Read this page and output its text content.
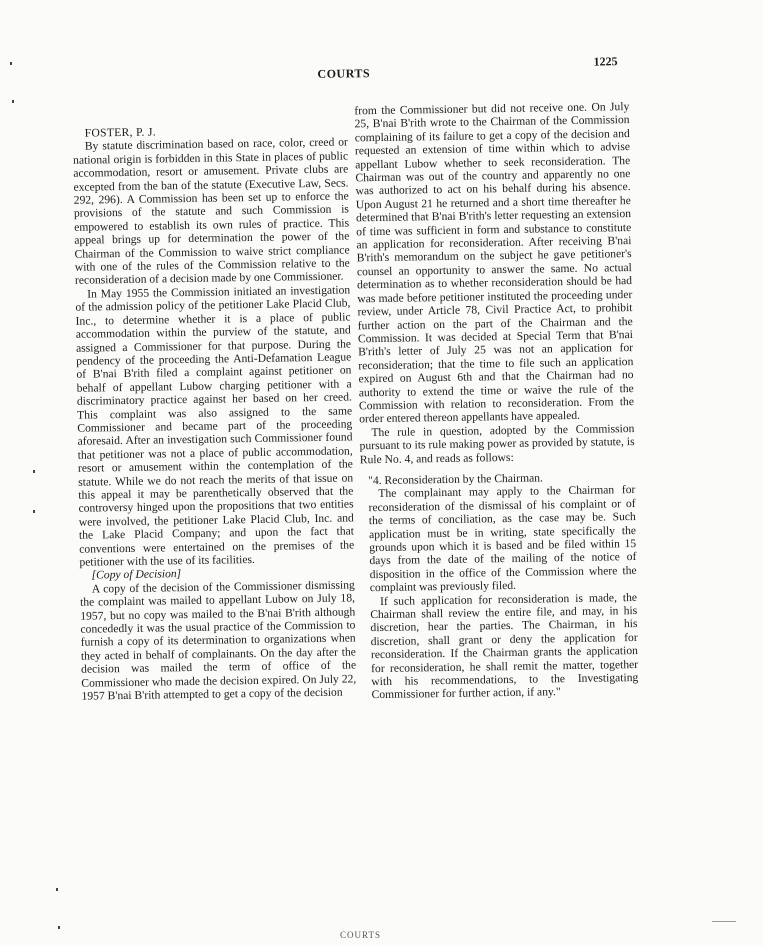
COURTS
1225

FOSTER, P. J.

By statute discrimination based on race, color, creed or national origin is forbidden in this State in places of public accommodation, resort or amusement. Private clubs are excepted from the ban of the statute (Executive Law, Secs. 292, 296). A Commission has been set up to enforce the provisions of the statute and such Commission is empowered to establish its own rules of practice. This appeal brings up for determination the power of the Chairman of the Commission to waive strict compliance with one of the rules of the Commission relative to the reconsideration of a decision made by one Commissioner.

In May 1955 the Commission initiated an investigation of the admission policy of the petitioner Lake Placid Club, Inc., to determine whether it is a place of public accommodation within the purview of the statute, and assigned a Commissioner for that purpose. During the pendency of the proceeding the Anti-Defamation League of B'nai B'rith filed a complaint against petitioner on behalf of appellant Lubow charging petitioner with a discriminatory practice against her based on her creed. This complaint was also assigned to the same Commissioner and became part of the proceeding aforesaid. After an investigation such Commissioner found that petitioner was not a place of public accommodation, resort or amusement within the contemplation of the statute. While we do not reach the merits of that issue on this appeal it may be parenthetically observed that the controversy hinged upon the propositions that two entities were involved, the petitioner Lake Placid Club, Inc. and the Lake Placid Company; and upon the fact that conventions were entertained on the premises of the petitioner with the use of its facilities.

[Copy of Decision]

A copy of the decision of the Commissioner dismissing the complaint was mailed to appellant Lubow on July 18, 1957, but no copy was mailed to the B'nai B'rith although concededly it was the usual practice of the Commission to furnish a copy of its determination to organizations when they acted in behalf of complainants. On the day after the decision was mailed the term of office of the Commissioner who made the decision expired. On July 22, 1957 B'nai B'rith attempted to get a copy of the decision

from the Commissioner but did not receive one. On July 25, B'nai B'rith wrote to the Chairman of the Commission complaining of its failure to get a copy of the decision and requested an extension of time within which to advise appellant Lubow whether to seek reconsideration. The Chairman was out of the country and apparently no one was authorized to act on his behalf during his absence. Upon August 21 he returned and a short time thereafter he determined that B'nai B'rith's letter requesting an extension of time was sufficient in form and substance to constitute an application for reconsideration. After receiving B'nai B'rith's memorandum on the subject he gave petitioner's counsel an opportunity to answer the same. No actual determination as to whether reconsideration should be had was made before petitioner instituted the proceeding under review, under Article 78, Civil Practice Act, to prohibit further action on the part of the Chairman and the Commission. It was decided at Special Term that B'nai B'rith's letter of July 25 was not an application for reconsideration; that the time to file such an application expired on August 6th and that the Chairman had no authority to extend the time or waive the rule of the Commission with relation to reconsideration. From the order entered thereon appellants have appealed.

The rule in question, adopted by the Commission pursuant to its rule making power as provided by statute, is Rule No. 4, and reads as follows:

"4. Reconsideration by the Chairman.

The complainant may apply to the Chairman for reconsideration of the dismissal of his complaint or of the terms of conciliation, as the case may be. Such application must be in writing, state specifically the grounds upon which it is based and be filed within 15 days from the date of the mailing of the notice of disposition in the office of the Commission where the complaint was previously filed.

If such application for reconsideration is made, the Chairman shall review the entire file, and may, in his discretion, hear the parties. The Chairman, in his discretion, shall grant or deny the application for reconsideration. If the Chairman grants the application for reconsideration, he shall remit the matter, together with his recommendations, to the Investigating Commissioner for further action, if any."

COURTS
